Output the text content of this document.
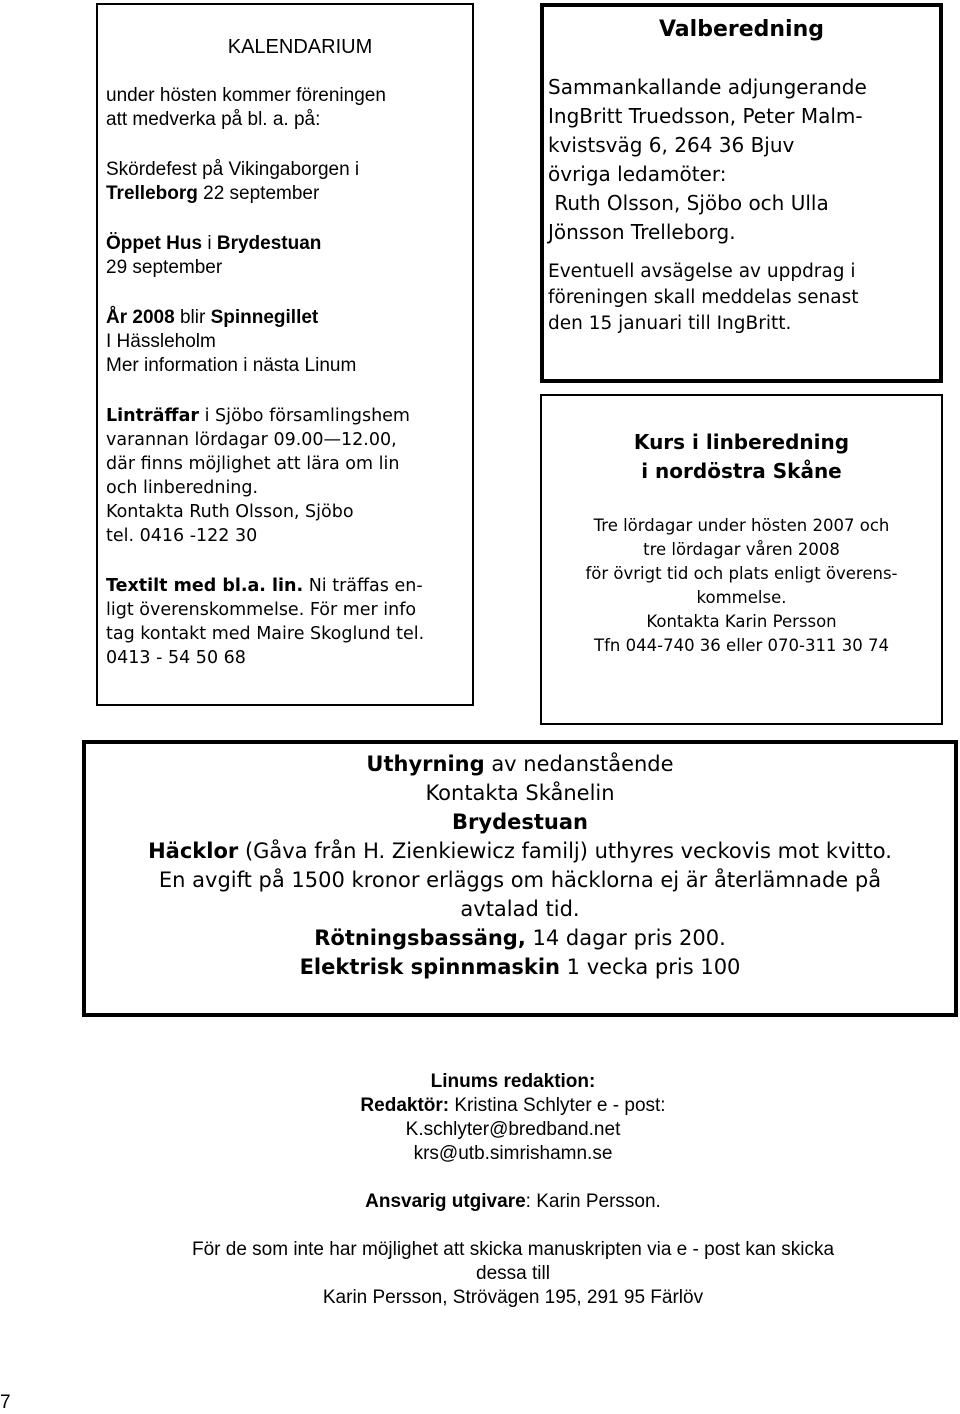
KALENDARIUM

under hösten kommer föreningen

att medverka på bl. a. på:

Skördefest på Vikingaborgen i

Trelleborg 22 september

Öppet Hus i Brydestuan

29 september

År 2008 blir Spinnegillet

I Hässleholm

Mer information i nästa Linum

Linträffar i Sjöbo församlingshem

varannan lördagar 09.00—12.00,

där finns möjlighet att lära om lin

och linberedning.

Kontakta Ruth Olsson, Sjöbo

tel. 0416 -122 30

Textilt med bl.a. lin. Ni träffas en-

ligt överenskommelse. För mer info

tag kontakt med Maire Skoglund tel.

0413 - 54 50 68

Valberedning

Sammankallande adjungerande

IngBritt Truedsson, Peter Malm-

kvistsväg 6, 264 36 Bjuv

övriga ledamöter:

Ruth Olsson, Sjöbo och Ulla

Jönsson Trelleborg.

Eventuell avsägelse av uppdrag i

föreningen skall meddelas senast

den 15 januari till IngBritt.

Kurs i linberedning

i nordöstra Skåne

Tre lördagar under hösten 2007 och

tre lördagar våren 2008

för övrigt tid och plats enligt överens-

kommelse.

Kontakta Karin Persson

Tfn 044-740 36 eller 070-311 30 74

Uthyrning av nedanstående

Kontakta Skånelin

Brydestuan

Häcklor (Gåva från H. Zienkiewicz familj) uthyres veckovis mot kvitto.

En avgift på 1500 kronor erläggs om häcklorna ej är återlämnade på

avtalad tid.

Rötningsbassäng, 14 dagar pris 200.

Elektrisk spinnmaskin 1 vecka pris 100

Linums redaktion:

Redaktör: Kristina Schlyter e - post:

K.schlyter@bredband.net

krs@utb.simrishamn.se

Ansvarig utgivare: Karin Persson.

För de som inte har möjlighet att skicka manuskripten via e - post kan skicka

dessa till

Karin Persson, Strövägen 195, 291 95 Färlöv

7
